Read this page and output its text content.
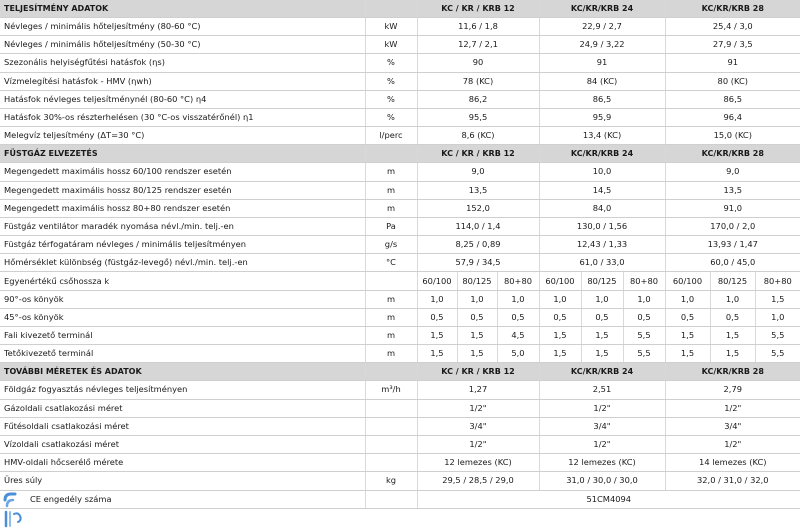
TELJESÍTMÉNY ADATOK		KC / KR / KRB 12			KC/KR/KRB 24			KC/KR/KRB 28		
Névleges / minimális hőteljesítmény (80-60 °C)	kW	11,6 / 1,8			22,9 / 2,7			25,4 / 3,0		
Névleges / minimális hőteljesítmény (50-30 °C)	kW	12,7 / 2,1			24,9 / 3,22			27,9 / 3,5		
Szezonális helyiségfűtési hatásfok (ηs)	%	90			91			91		
Vízmelegítési hatásfok - HMV (ηwh)	%	78 (KC)			84 (KC)			80 (KC)		
Hatásfok névleges teljesítménynél (80-60 °C) η4	%	86,2			86,5			86,5		
Hatásfok 30%-os részterhelésen (30 °C-os visszatérőnél) η1	%	95,5			95,9			96,4		
Melegvíz teljesítmény (ΔT=30 °C)	l/perc	8,6 (KC)			13,4 (KC)			15,0 (KC)		
FÜSTGÁZ ELVEZETÉS		KC / KR / KRB 12			KC/KR/KRB 24			KC/KR/KRB 28		
Megengedett maximális hossz 60/100 rendszer esetén	m	9,0			10,0			9,0		
Megengedett maximális hossz 80/125 rendszer esetén	m	13,5			14,5			13,5		
Megengedett maximális hossz 80+80 rendszer esetén	m	152,0			84,0			91,0		
Füstgáz ventilátor maradék nyomása névl./min. telj.-en	Pa	114,0 / 1,4			130,0 / 1,56			170,0 / 2,0		
Füstgáz térfogatáram névleges / minimális teljesítményen	g/s	8,25 / 0,89			12,43 / 1,33			13,93 / 1,47		
Hőmérséklet különbség (füstgáz-levegő) névl./min. telj.-en	°C	57,9 / 34,5			61,0 / 33,0			60,0 / 45,0		
Egyenértékű csőhossza k		60/100	80/125	80+80	60/100	80/125	80+80	60/100	80/125	80+80
90°-os könyök	m	1,0	1,0	1,0	1,0	1,0	1,0	1,0	1,0	1,5
45°-os könyök	m	0,5	0,5	0,5	0,5	0,5	0,5	0,5	0,5	1,0
Fali kivezető terminál	m	1,5	1,5	4,5	1,5	1,5	5,5	1,5	1,5	5,5
Tetőkivezető terminál	m	1,5	1,5	5,0	1,5	1,5	5,5	1,5	1,5	5,5
TOVÁBBI MÉRETEK ÉS ADATOK		KC / KR / KRB 12			KC/KR/KRB 24			KC/KR/KRB 28		
Földgáz fogyasztás névleges teljesítményen	m³/h	1,27			2,51			2,79		
Gázoldali csatlakozási méret		1/2"			1/2"			1/2"		
Fűtésoldali csatlakozási méret		3/4"			3/4"			3/4"		
Vízoldali csatlakozási méret		1/2"			1/2"			1/2"		
HMV-oldali hőcserélő mérete		12 lemezes (KC)			12 lemezes (KC)			14 lemezes (KC)		
Üres súly	kg	29,5 / 28,5 / 29,0			31,0 / 30,0 / 30,0			32,0 / 31,0 / 32,0		
CE engedély száma		51CM4094								
